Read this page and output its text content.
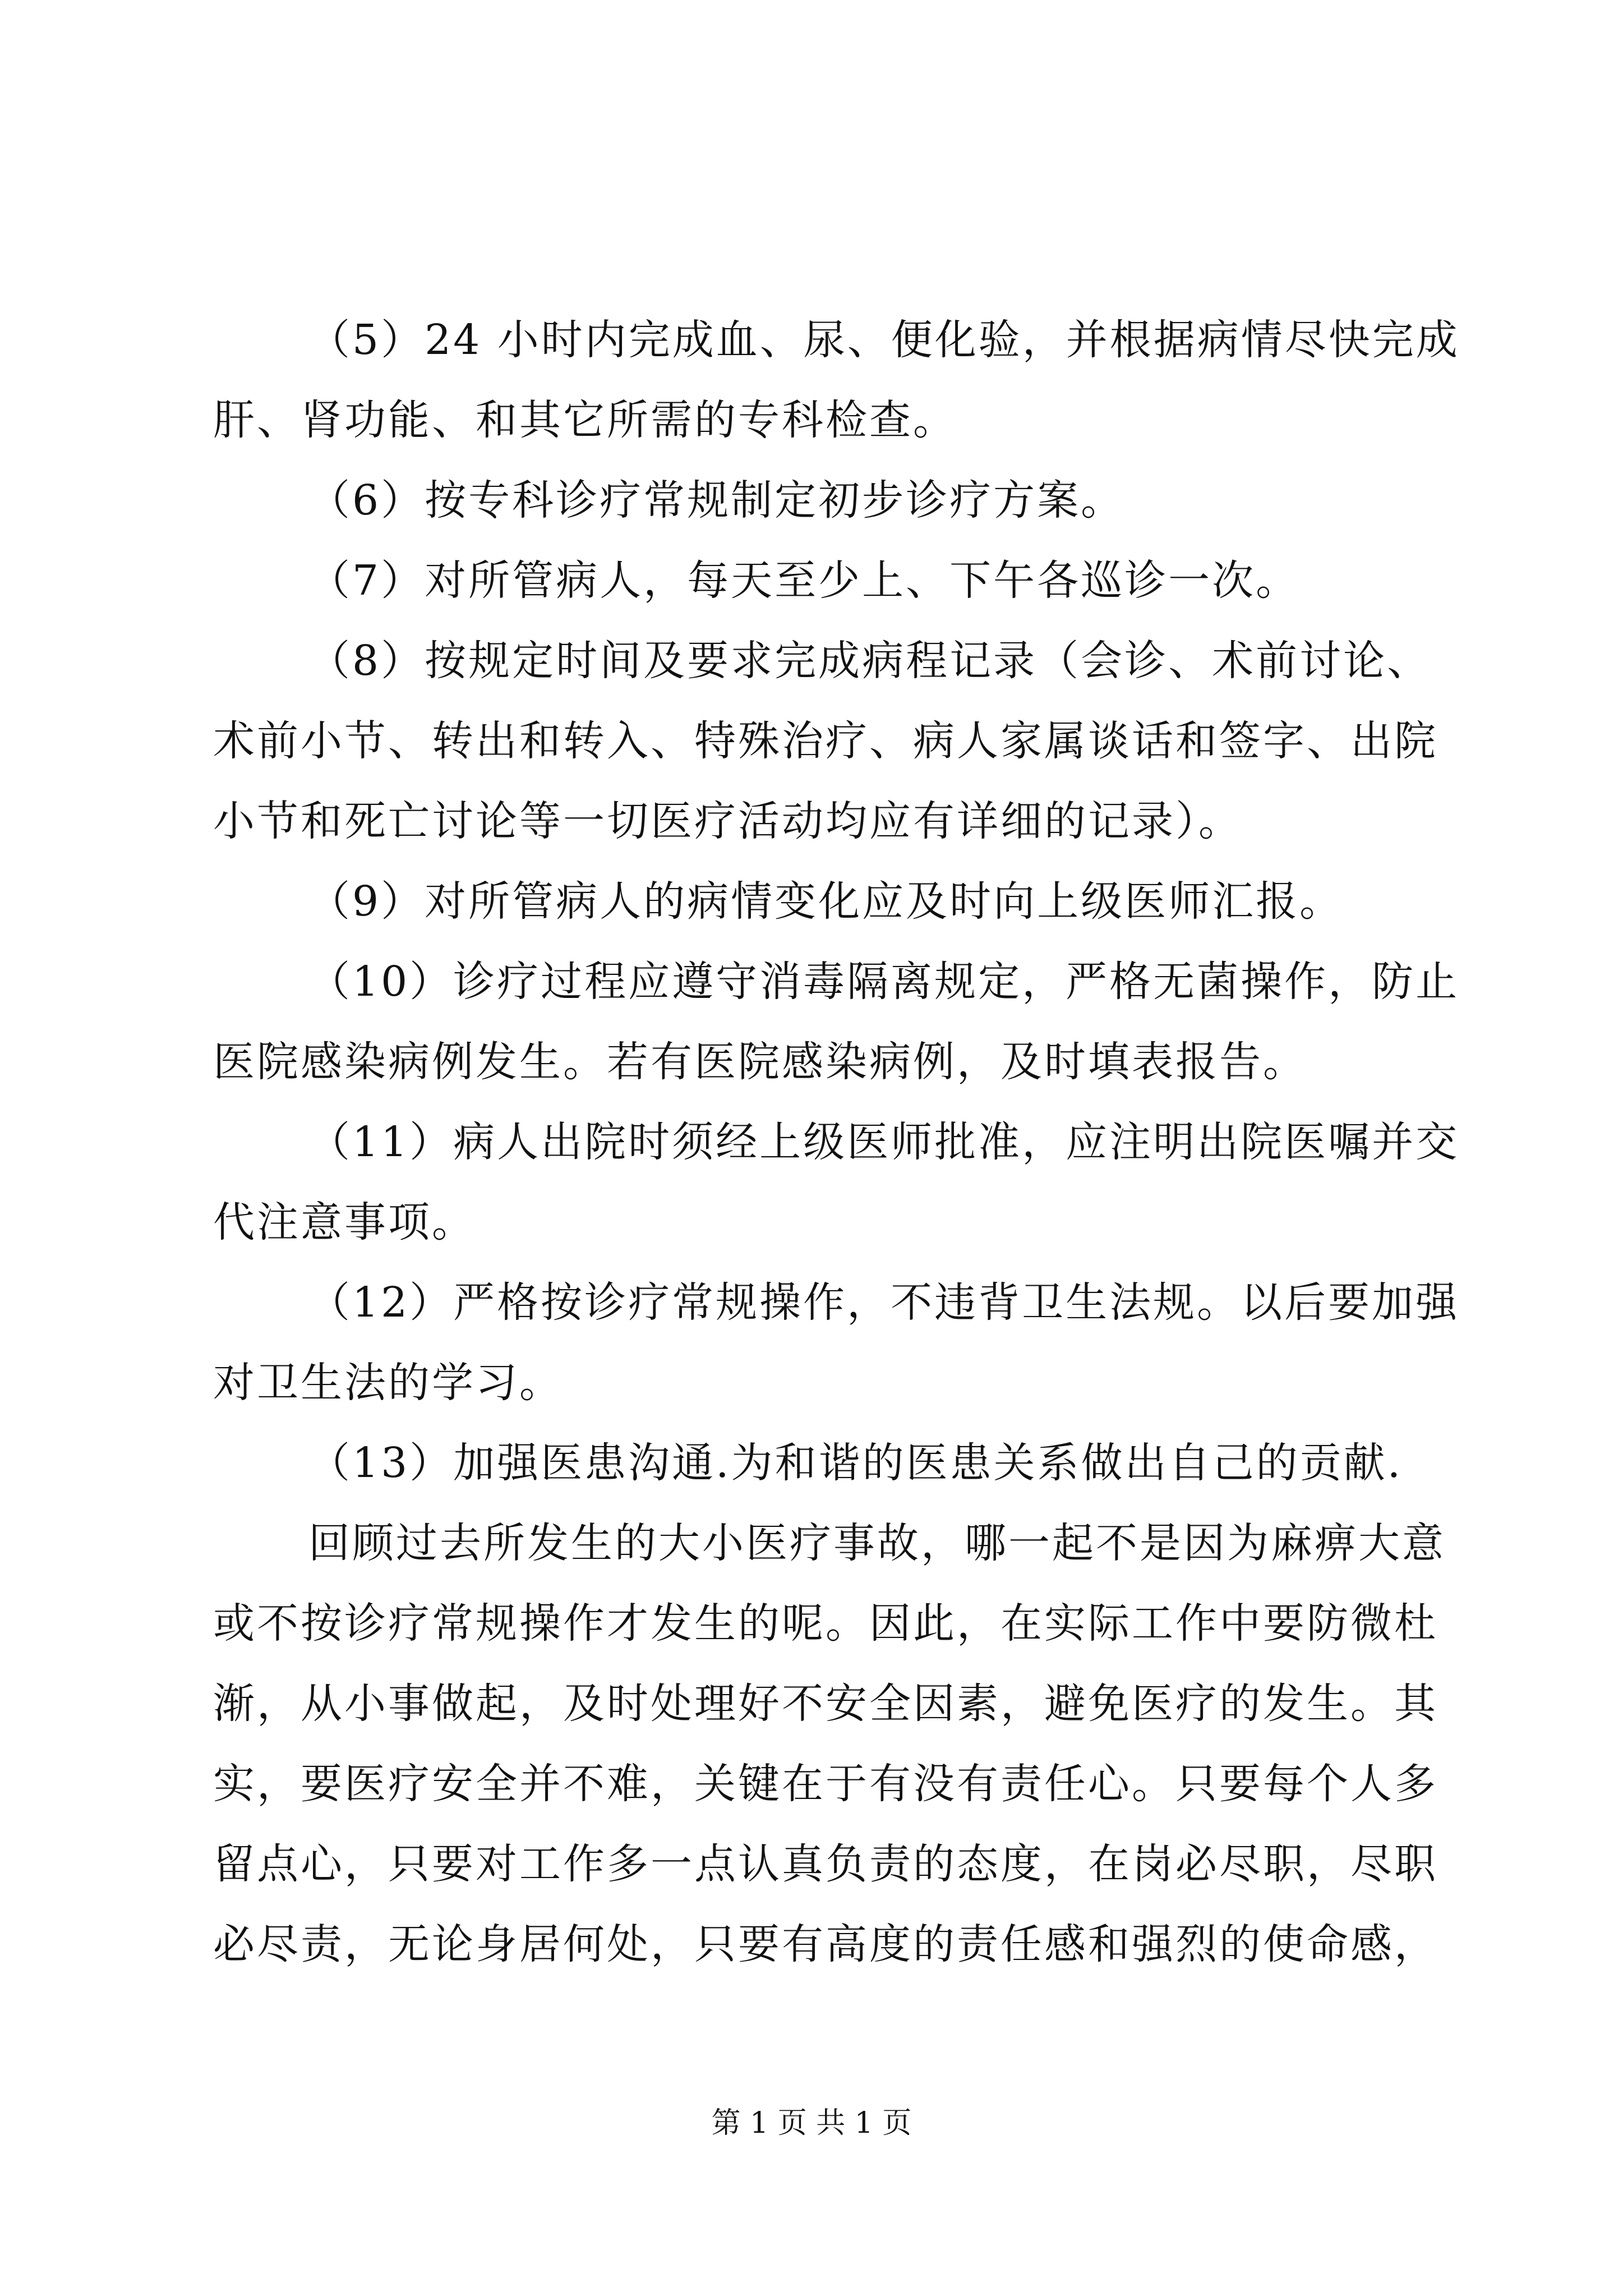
（5）24 小时内完成血、尿、便化验，并根据病情尽快完成
肝、肾功能、和其它所需的专科检查。
（6）按专科诊疗常规制定初步诊疗方案。
（7）对所管病人，每天至少上、下午各巡诊一次。
（8）按规定时间及要求完成病程记录（会诊、术前讨论、
术前小节、转出和转入、特殊治疗、病人家属谈话和签字、出院
小节和死亡讨论等一切医疗活动均应有详细的记录）。
（9）对所管病人的病情变化应及时向上级医师汇报。
（10）诊疗过程应遵守消毒隔离规定，严格无菌操作，防止
医院感染病例发生。若有医院感染病例，及时填表报告。
（11）病人出院时须经上级医师批准，应注明出院医嘱并交
代注意事项。
（12）严格按诊疗常规操作，不违背卫生法规。以后要加强
对卫生法的学习。
（13）加强医患沟通.为和谐的医患关系做出自己的贡献.
回顾过去所发生的大小医疗事故，哪一起不是因为麻痹大意
或不按诊疗常规操作才发生的呢。因此，在实际工作中要防微杜
渐，从小事做起，及时处理好不安全因素，避免医疗的发生。其
实，要医疗安全并不难，关键在于有没有责任心。只要每个人多
留点心，只要对工作多一点认真负责的态度，在岗必尽职，尽职
必尽责，无论身居何处，只要有高度的责任感和强烈的使命感，
第 1 页 共 1 页
